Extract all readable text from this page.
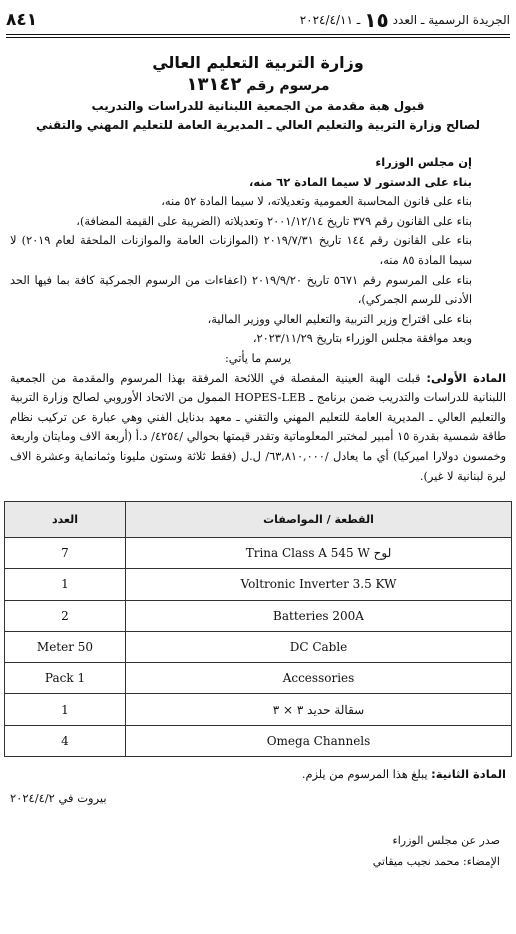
الجريدة الرسمية ـ العدد
١٥
ـ ٢٠٢٤/٤/١١
٨٤١
وزارة التربية التعليم العالي
مرسوم رقم ١٣١٤٢
قبول هبة مقدمة من الجمعية اللبنانية للدراسات والتدريب
لصالح وزارة التربية والتعليم العالي ـ المديرية العامة للتعليم المهني والتقني

إن مجلس الوزراء

بناء على الدستور لا سيما المادة ٦٢ منه،

بناء على قانون المحاسبة العمومية وتعديلاته، لا سيما المادة ٥٢ منه،

بناء على القانون رقم ٣٧٩ تاريخ ٢٠٠١/١٢/١٤ وتعديلاته (الضريبة على القيمة المضافة)،

بناء على القانون رقم ١٤٤ تاريخ ٢٠١٩/٧/٣١ (الموازنات العامة والموازنات الملحقة لعام ٢٠١٩) لا سيما المادة ٨٥ منه،

بناء على المرسوم رقم ٥٦٧١ تاريخ ٢٠١٩/٩/٢٠ (اعفاءات من الرسوم الجمركية كافة بما فيها الحد الأدنى للرسم الجمركي)،

بناء على اقتراح وزير التربية والتعليم العالي ووزير المالية،

وبعد موافقة مجلس الوزراء بتاريخ ٢٠٢٣/١١/٢٩،

يرسم ما يأتي:

المادة الأولى: قبلت الهبة العينية المفصلة في اللائحة المرفقة بهذا المرسوم والمقدمة من الجمعية اللبنانية للدراسات والتدريب ضمن برنامج ـ HOPES-LEB الممول من الاتحاد الأوروبي لصالح وزارة التربية والتعليم العالي ـ المديرية العامة للتعليم المهني والتقني ـ معهد بدنايل الفني وهي عبارة عن تركيب نظام طاقة شمسية بقدرة ١٥ أمبير لمختبر المعلوماتية وتقدر قيمتها بحوالي /٤٢٥٤/ د.أ (أربعة الاف ومايتان واربعة وخمسون دولارا اميركيا) أي ما يعادل /٦٣,٨١٠,٠٠٠/ ل.ل (فقط ثلاثة وستون مليونا وثمانماية وعشرة الاف ليرة لبنانية لا غير).

القطعة / المواصفات	العدد
لوح Trina Class A 545 W	7
Voltronic Inverter 3.5 KW	1
Batteries 200A	2
DC Cable	50 Meter
Accessories	1 Pack
سقالة حديد ٣ × ٣	1
Omega Channels	4

المادة الثانية: يبلغ هذا المرسوم من يلزم.

بيروت في ٢٠٢٤/٤/٢

صدر عن مجلس الوزراء

الإمضاء: محمد نجيب ميقاتي
